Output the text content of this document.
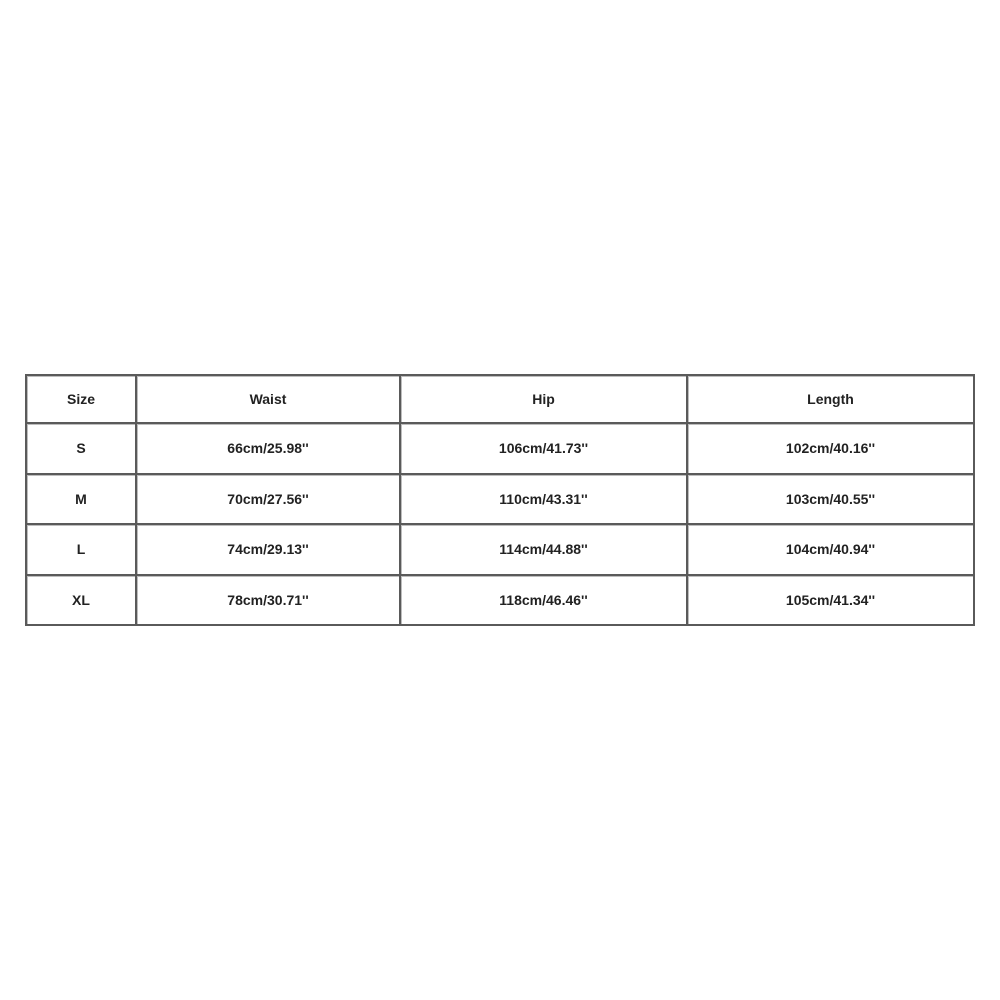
Size	Waist	Hip	Length
S	66cm/25.98''	106cm/41.73''	102cm/40.16''
M	70cm/27.56''	110cm/43.31''	103cm/40.55''
L	74cm/29.13''	114cm/44.88''	104cm/40.94''
XL	78cm/30.71''	118cm/46.46''	105cm/41.34''
